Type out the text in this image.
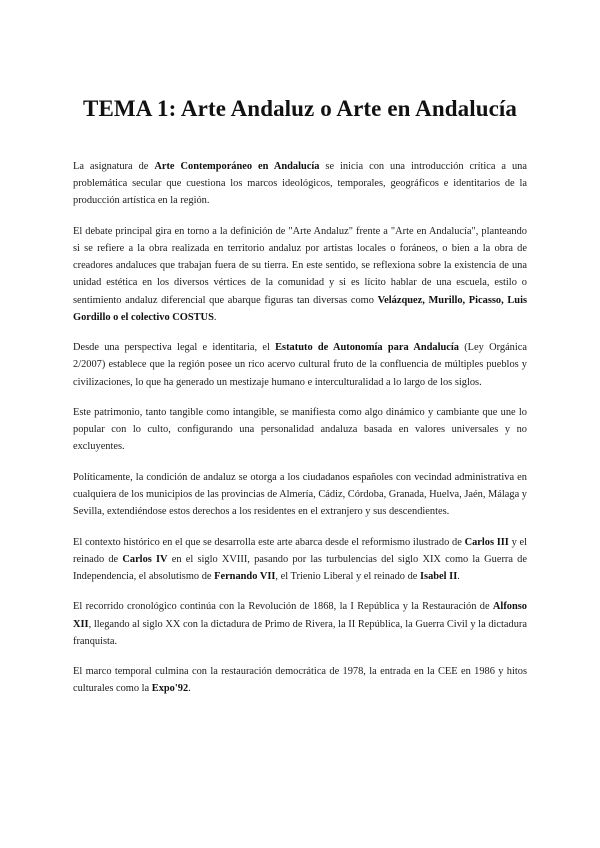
TEMA 1: Arte Andaluz o Arte en Andalucía

La asignatura de Arte Contemporáneo en Andalucía se inicia con una introducción crítica a una problemática secular que cuestiona los marcos ideológicos, temporales, geográficos e identitarios de la producción artística en la región.

El debate principal gira en torno a la definición de "Arte Andaluz" frente a "Arte en Andalucía", planteando si se refiere a la obra realizada en territorio andaluz por artistas locales o foráneos, o bien a la obra de creadores andaluces que trabajan fuera de su tierra. En este sentido, se reflexiona sobre la existencia de una unidad estética en los diversos vértices de la comunidad y si es lícito hablar de una escuela, estilo o sentimiento andaluz diferencial que abarque figuras tan diversas como Velázquez, Murillo, Picasso, Luis Gordillo o el colectivo COSTUS.

Desde una perspectiva legal e identitaria, el Estatuto de Autonomía para Andalucía (Ley Orgánica 2/2007) establece que la región posee un rico acervo cultural fruto de la confluencia de múltiples pueblos y civilizaciones, lo que ha generado un mestizaje humano e interculturalidad a lo largo de los siglos.

Este patrimonio, tanto tangible como intangible, se manifiesta como algo dinámico y cambiante que une lo popular con lo culto, configurando una personalidad andaluza basada en valores universales y no excluyentes.

Políticamente, la condición de andaluz se otorga a los ciudadanos españoles con vecindad administrativa en cualquiera de los municipios de las provincias de Almería, Cádiz, Córdoba, Granada, Huelva, Jaén, Málaga y Sevilla, extendiéndose estos derechos a los residentes en el extranjero y sus descendientes.

El contexto histórico en el que se desarrolla este arte abarca desde el reformismo ilustrado de Carlos III y el reinado de Carlos IV en el siglo XVIII, pasando por las turbulencias del siglo XIX como la Guerra de Independencia, el absolutismo de Fernando VII, el Trienio Liberal y el reinado de Isabel II.

El recorrido cronológico continúa con la Revolución de 1868, la I República y la Restauración de Alfonso XII, llegando al siglo XX con la dictadura de Primo de Rivera, la II República, la Guerra Civil y la dictadura franquista.

El marco temporal culmina con la restauración democrática de 1978, la entrada en la CEE en 1986 y hitos culturales como la Expo'92.
